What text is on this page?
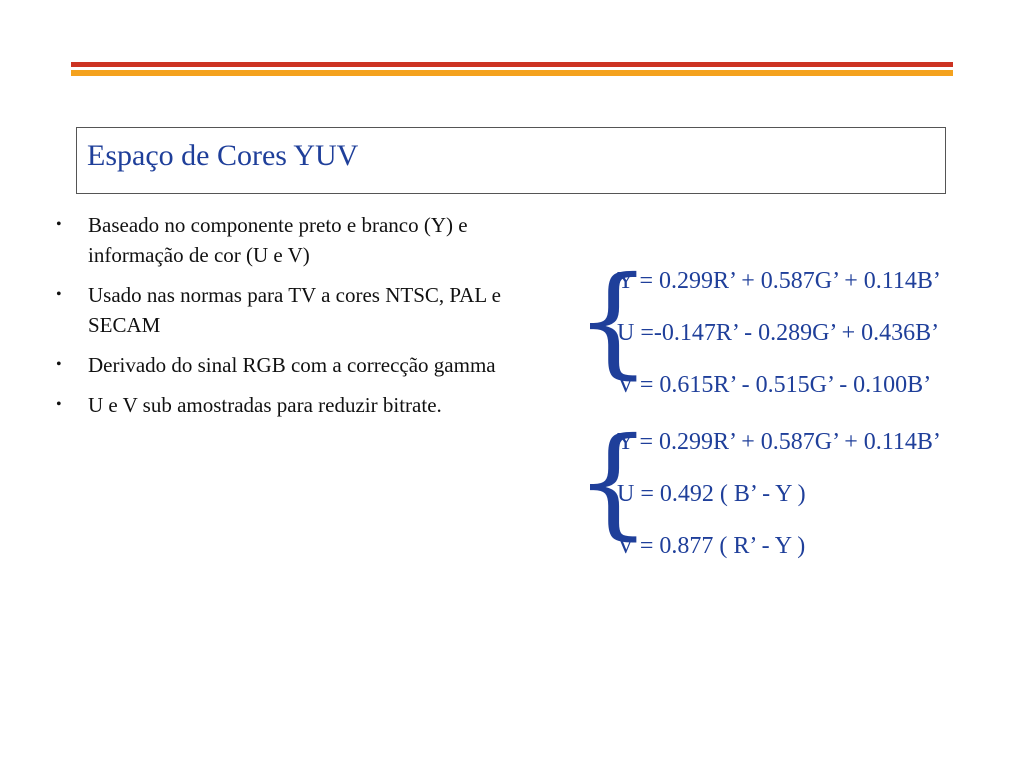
Espaço de Cores YUV
• Baseado no componente preto e branco (Y) e informação de cor (U e V)
• Usado nas normas para TV a cores NTSC, PAL e SECAM
• Derivado do sinal RGB com a correcção gamma
• U e V sub amostradas para reduzir bitrate.
{
Y = 0.299R’ + 0.587G’ + 0.114B’
U =-0.147R’ - 0.289G’ + 0.436B’
V = 0.615R’ - 0.515G’ - 0.100B’
{
Y = 0.299R’ + 0.587G’ + 0.114B’
U = 0.492 ( B’ - Y )
V = 0.877 ( R’ - Y )
